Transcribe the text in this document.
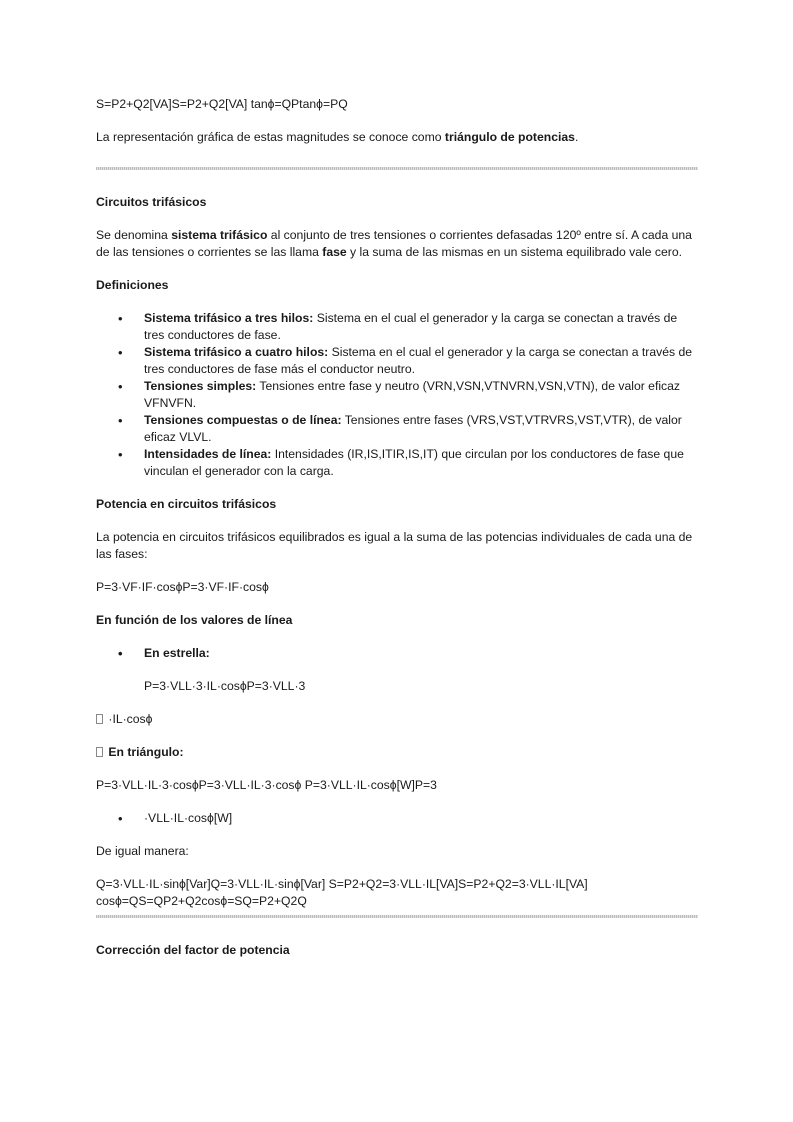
S=P2+Q2[VA]S=P2+Q2[VA] tan⁣ϕ=QPtanϕ=PQ

La representación gráfica de estas magnitudes se conoce como triángulo de potencias.

Circuitos trifásicos

Se denomina sistema trifásico al conjunto de tres tensiones o corrientes defasadas 120º entre sí. A cada una de las tensiones o corrientes se las llama fase y la suma de las mismas en un sistema equilibrado vale cero.

Definiciones

• Sistema trifásico a tres hilos: Sistema en el cual el generador y la carga se conectan a través de tres conductores de fase.
• Sistema trifásico a cuatro hilos: Sistema en el cual el generador y la carga se conectan a través de tres conductores de fase más el conductor neutro.
• Tensiones simples: Tensiones entre fase y neutro (VRN,VSN,VTNVRN,VSN,VTN), de valor eficaz VFNVFN.
• Tensiones compuestas o de línea: Tensiones entre fases (VRS,VST,VTRVRS,VST,VTR), de valor eficaz VLVL.
• Intensidades de línea: Intensidades (IR,IS,ITIR,IS,IT) que circulan por los conductores de fase que vinculan el generador con la carga.

Potencia en circuitos trifásicos

La potencia en circuitos trifásicos equilibrados es igual a la suma de las potencias individuales de cada una de las fases:

P=3·VF·IF·cos⁣ϕP=3·VF·IF·cosϕ

En función de los valores de línea

• En estrella:

P=3·VLL·3·IL·cos⁣ϕP=3·VLL·3

·IL·cosϕ

En triángulo:

P=3·VLL·IL·3·cos⁣ϕP=3·VLL·IL·3·cosϕ P=3·VLL·IL·cos⁣ϕ[W]P=3

• ·VLL·IL·cosϕ[W]

De igual manera:

Q=3·VLL·IL·sin⁣ϕ[Var]Q=3·VLL·IL·sinϕ[Var] S=P2+Q2=3·VLL·IL[VA]S=P2+Q2=3·VLL·IL[VA]

cos⁣ϕ=QS=QP2+Q2cosϕ=SQ=P2+Q2Q

Corrección del factor de potencia
